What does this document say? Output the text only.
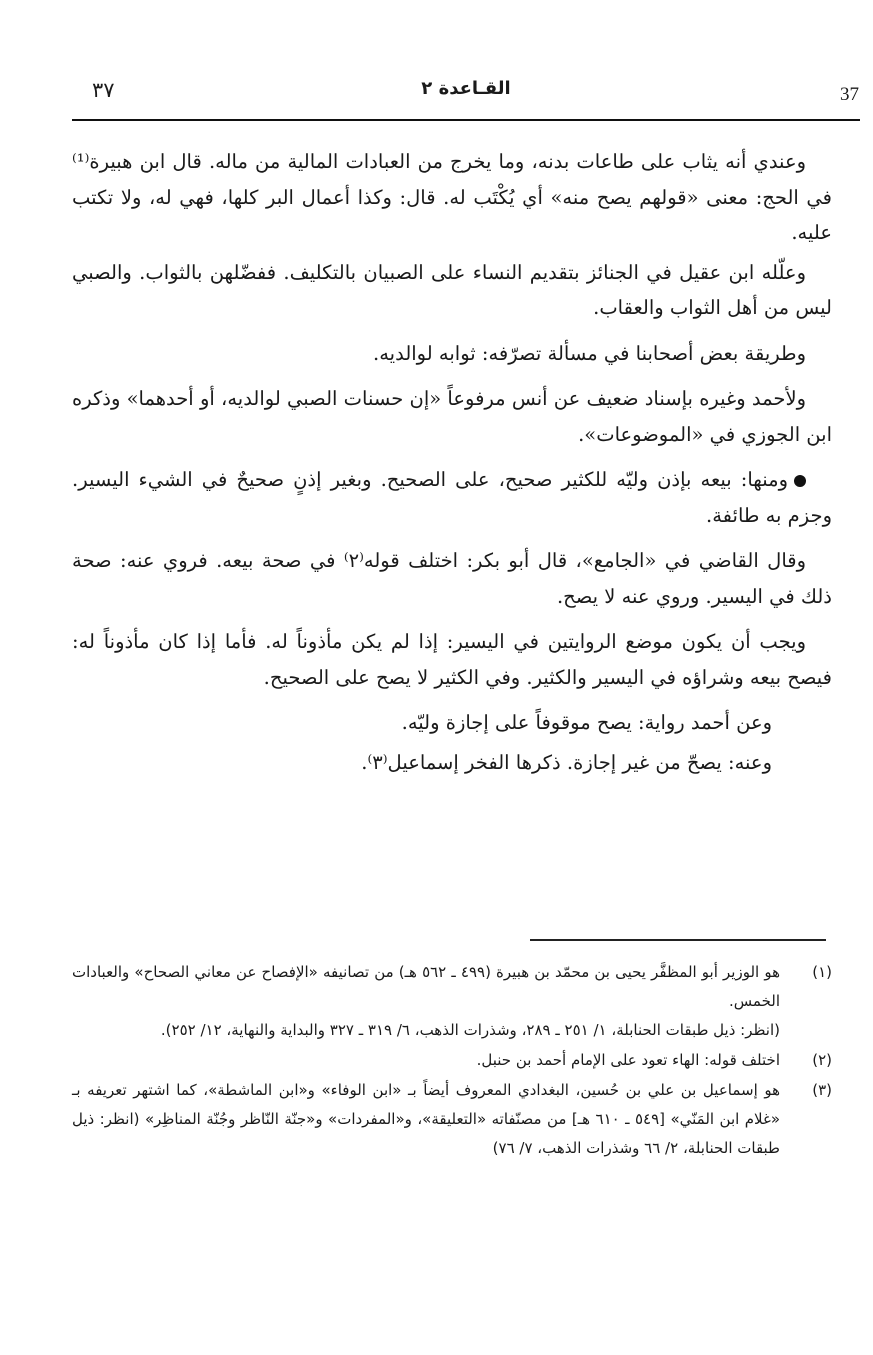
37
القـاعدة ٢
٣٧

وعندي أنه يثاب على طاعات بدنه، وما يخرج من العبادات المالية من ماله. قال ابن هبيرة⁽¹⁾ في الحج: معنى «قولهم يصح منه» أي يُكْتَب له. قال: وكذا أعمال البر كلها، فهي له، ولا تكتب عليه.

وعلّله ابن عقيل في الجنائز بتقديم النساء على الصبيان بالتكليف. ففضّلهن بالثواب. والصبي ليس من أهل الثواب والعقاب.

وطريقة بعض أصحابنا في مسألة تصرّفه: ثوابه لوالديه.

ولأحمد وغيره بإسناد ضعيف عن أنس مرفوعاً «إن حسنات الصبي لوالديه، أو أحدهما» وذكره ابن الجوزي في «الموضوعات».

ومنها: بيعه بإذن وليّه للكثير صحيح، على الصحيح. وبغير إذنٍ صحيحٌ في الشيء اليسير. وجزم به طائفة.

وقال القاضي في «الجامع»، قال أبو بكر: اختلف قوله⁽٢⁾ في صحة بيعه. فروي عنه: صحة ذلك في اليسير. وروي عنه لا يصح.

ويجب أن يكون موضع الروايتين في اليسير: إذا لم يكن مأذوناً له. فأما إذا كان مأذوناً له: فيصح بيعه وشراؤه في اليسير والكثير. وفي الكثير لا يصح على الصحيح.

وعن أحمد رواية: يصح موقوفاً على إجازة وليّه.

وعنه: يصحّ من غير إجازة. ذكرها الفخر إسماعيل⁽٣⁾.

(١)
هو الوزير أبو المظفَّر يحيى بن محمّد بن هبيرة (٤٩٩ ـ ٥٦٢ هـ) من تصانيفه «الإفصاح عن معاني الصحاح» والعبادات الخمس.
(انظر: ذيل طبقات الحنابلة، ١/ ٢٥١ ـ ٢٨٩، وشذرات الذهب، ٦/ ٣١٩ ـ ٣٢٧ والبداية والنهاية، ١٢/ ٢٥٢).
(٢)
اختلف قوله: الهاء تعود على الإمام أحمد بن حنبل.
(٣)
هو إسماعيل بن علي بن حُسين، البغدادي المعروف أيضاً بـ «ابن الوفاء» و«ابن الماشطة»، كما اشتهر تعريفه بـ «غلام ابن المَنّي» [٥٤٩ ـ ٦١٠ هـ] من مصنّفاته «التعليقة»، و«المفردات» و«جنّة النّاظر وجُنّة المناظِر» (انظر: ذيل طبقات الحنابلة، ٢/ ٦٦ وشذرات الذهب، ٧/ ٧٦)
